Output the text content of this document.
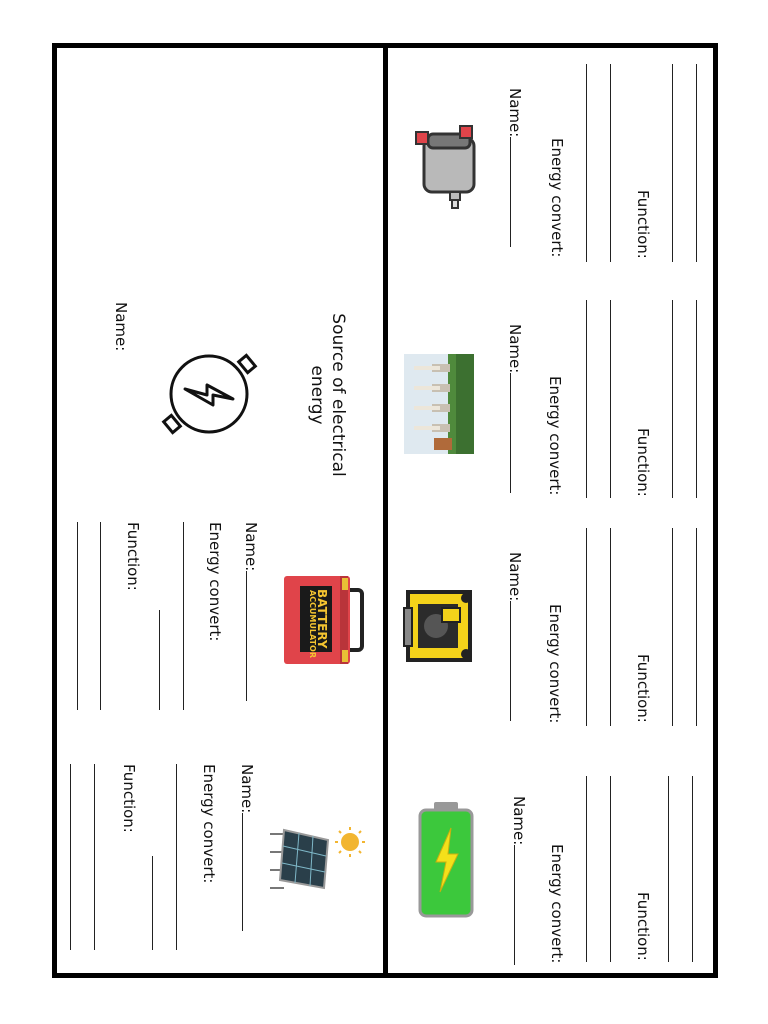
Source of electrical energy
Name:
ACCUMULATOR
BATTERY
Name:
Energy convert:
Function:
Name:
Energy convert:
Function:
Name:
Energy convert:	Function:
Name:
Energy convert:	Function:
Name:
Energy convert:	Function:
Name:
Energy convert:	Function:
